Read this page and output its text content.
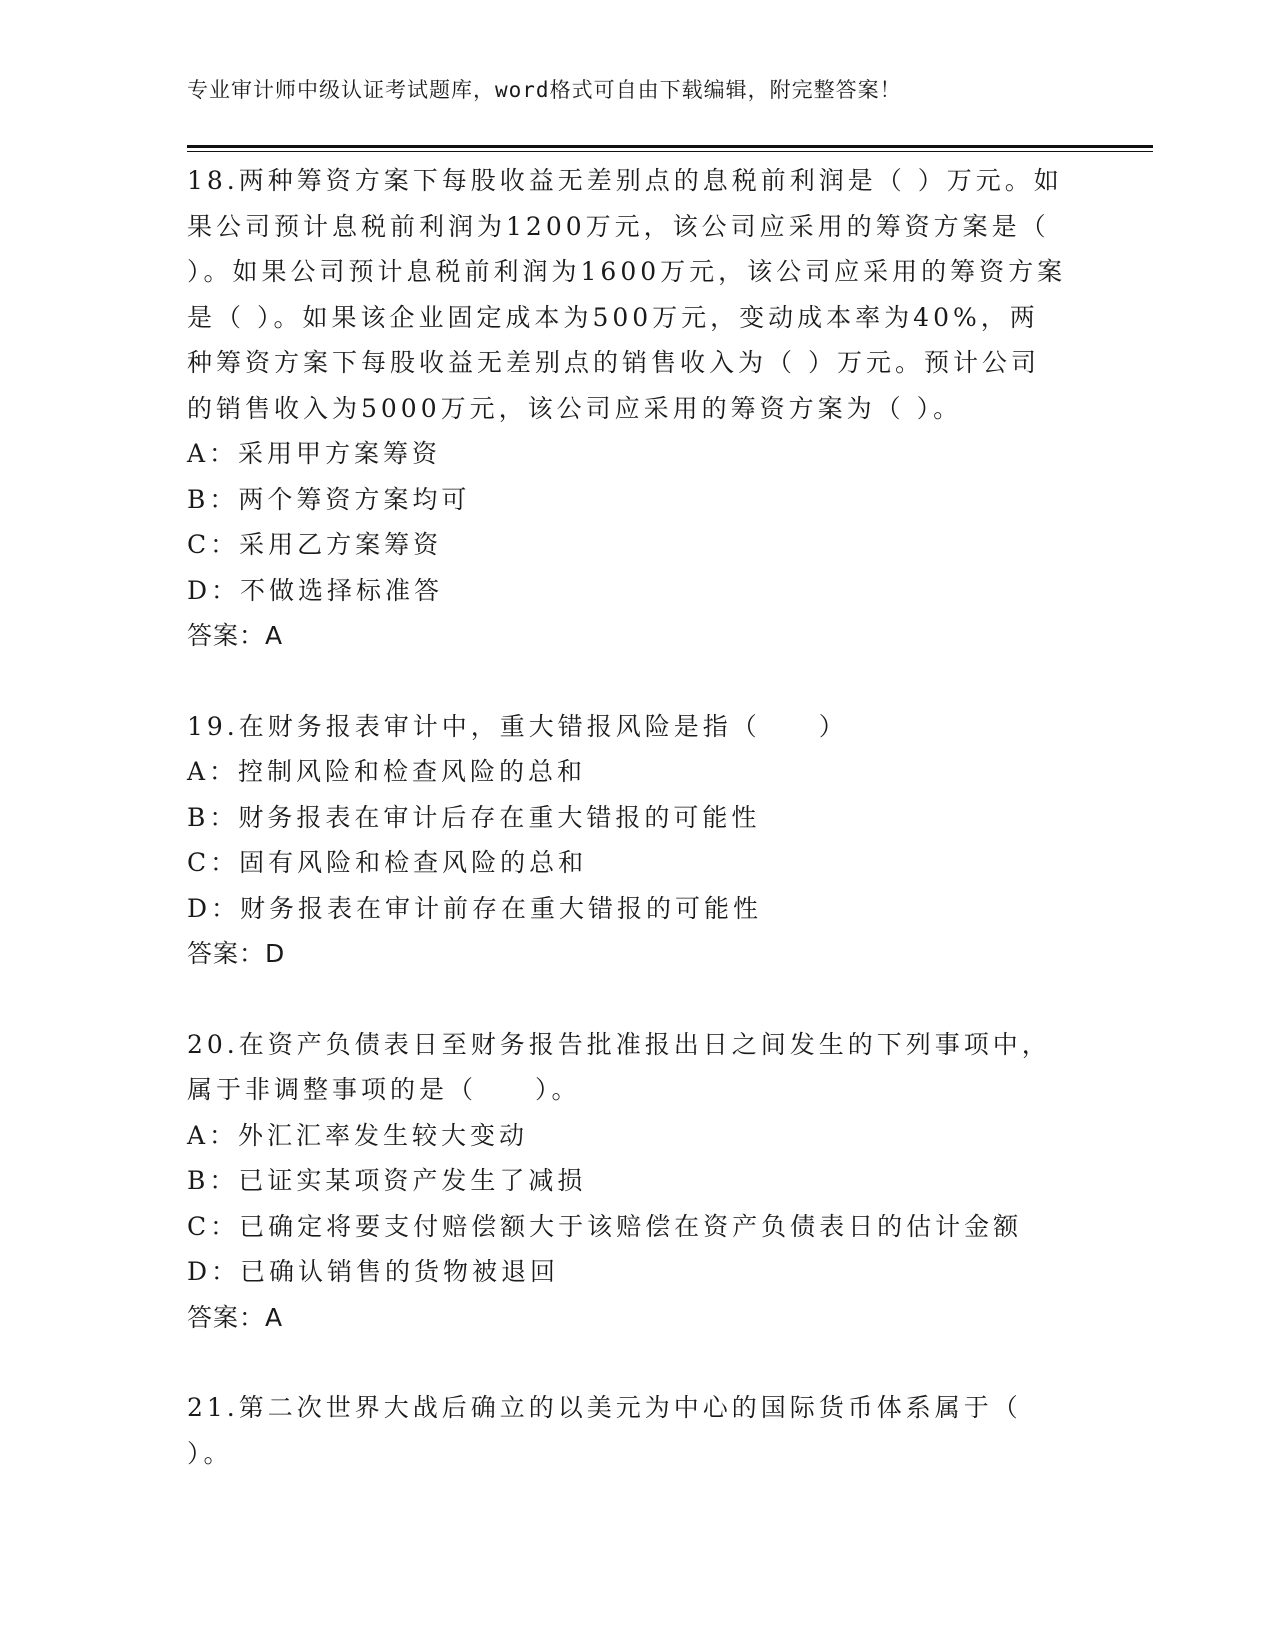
专业审计师中级认证考试题库，word格式可自由下载编辑，附完整答案！

18.两种筹资方案下每股收益无差别点的息税前利润是（ ）万元。如果公司预计息税前利润为1200万元，该公司应采用的筹资方案是（ ）。如果公司预计息税前利润为1600万元，该公司应采用的筹资方案是（ ）。如果该企业固定成本为500万元，变动成本率为40%，两种筹资方案下每股收益无差别点的销售收入为（ ）万元。预计公司的销售收入为5000万元，该公司应采用的筹资方案为（ ）。

A：采用甲方案筹资

B：两个筹资方案均可

C：采用乙方案筹资

D：不做选择标准答

答案：A

19.在财务报表审计中，重大错报风险是指（　　）

A：控制风险和检查风险的总和

B：财务报表在审计后存在重大错报的可能性

C：固有风险和检查风险的总和

D：财务报表在审计前存在重大错报的可能性

答案：D

20.在资产负债表日至财务报告批准报出日之间发生的下列事项中，属于非调整事项的是（　　）。

A：外汇汇率发生较大变动

B：已证实某项资产发生了减损

C：已确定将要支付赔偿额大于该赔偿在资产负债表日的估计金额

D：已确认销售的货物被退回

答案：A

21.第二次世界大战后确立的以美元为中心的国际货币体系属于（ ）。
